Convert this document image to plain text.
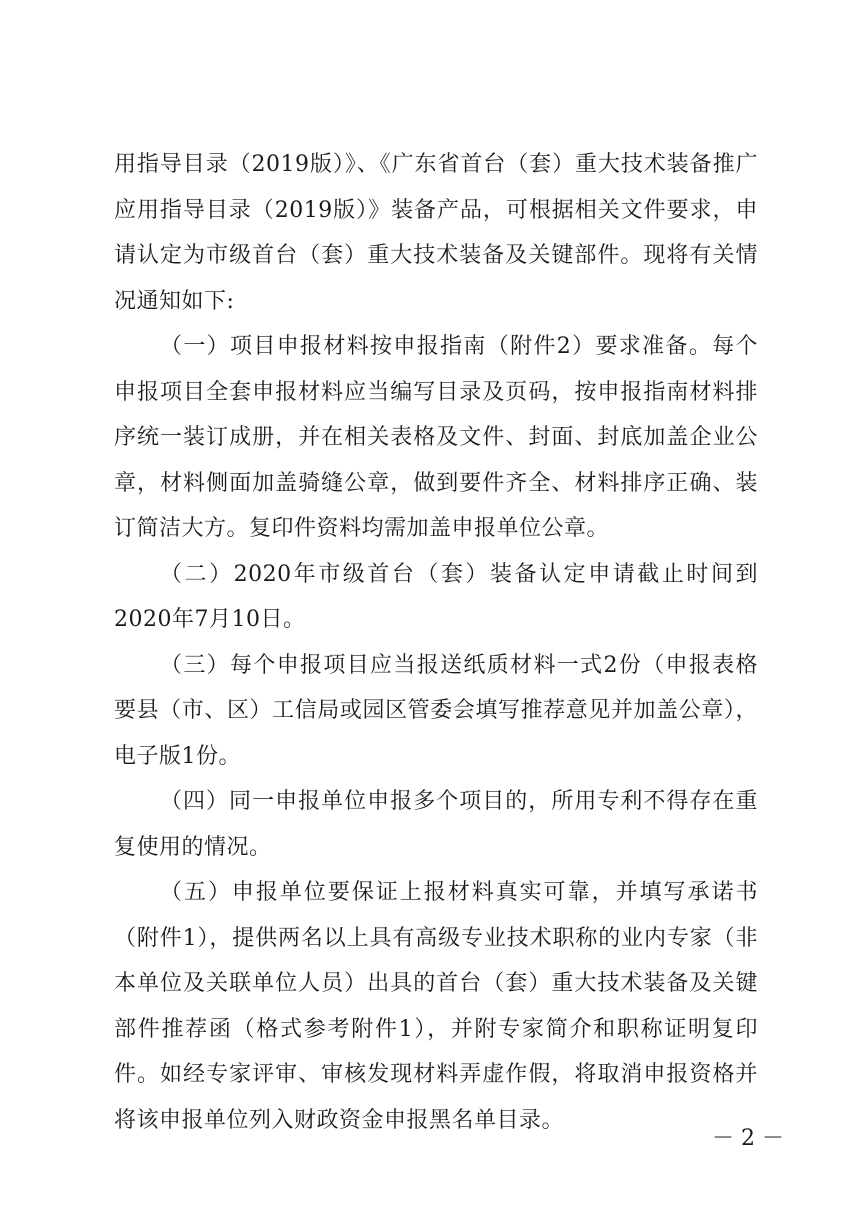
用指导目录（2019版）》、《广东省首台（套）重大技术装备推广应用指导目录（2019版）》装备产品，可根据相关文件要求，申请认定为市级首台（套）重大技术装备及关键部件。现将有关情况通知如下:

（一）项目申报材料按申报指南（附件2）要求准备。每个申报项目全套申报材料应当编写目录及页码，按申报指南材料排序统一装订成册，并在相关表格及文件、封面、封底加盖企业公章，材料侧面加盖骑缝公章，做到要件齐全、材料排序正确、装订简洁大方。复印件资料均需加盖申报单位公章。

（二）2020年市级首台（套）装备认定申请截止时间到2020年7月10日。

（三）每个申报项目应当报送纸质材料一式2份（申报表格要县（市、区）工信局或园区管委会填写推荐意见并加盖公章），电子版1份。

（四）同一申报单位申报多个项目的，所用专利不得存在重复使用的情况。

（五）申报单位要保证上报材料真实可靠，并填写承诺书（附件1），提供两名以上具有高级专业技术职称的业内专家（非本单位及关联单位人员）出具的首台（套）重大技术装备及关键部件推荐函（格式参考附件1），并附专家简介和职称证明复印件。如经专家评审、审核发现材料弄虚作假，将取消申报资格并将该申报单位列入财政资金申报黑名单目录。

－ 2 －
